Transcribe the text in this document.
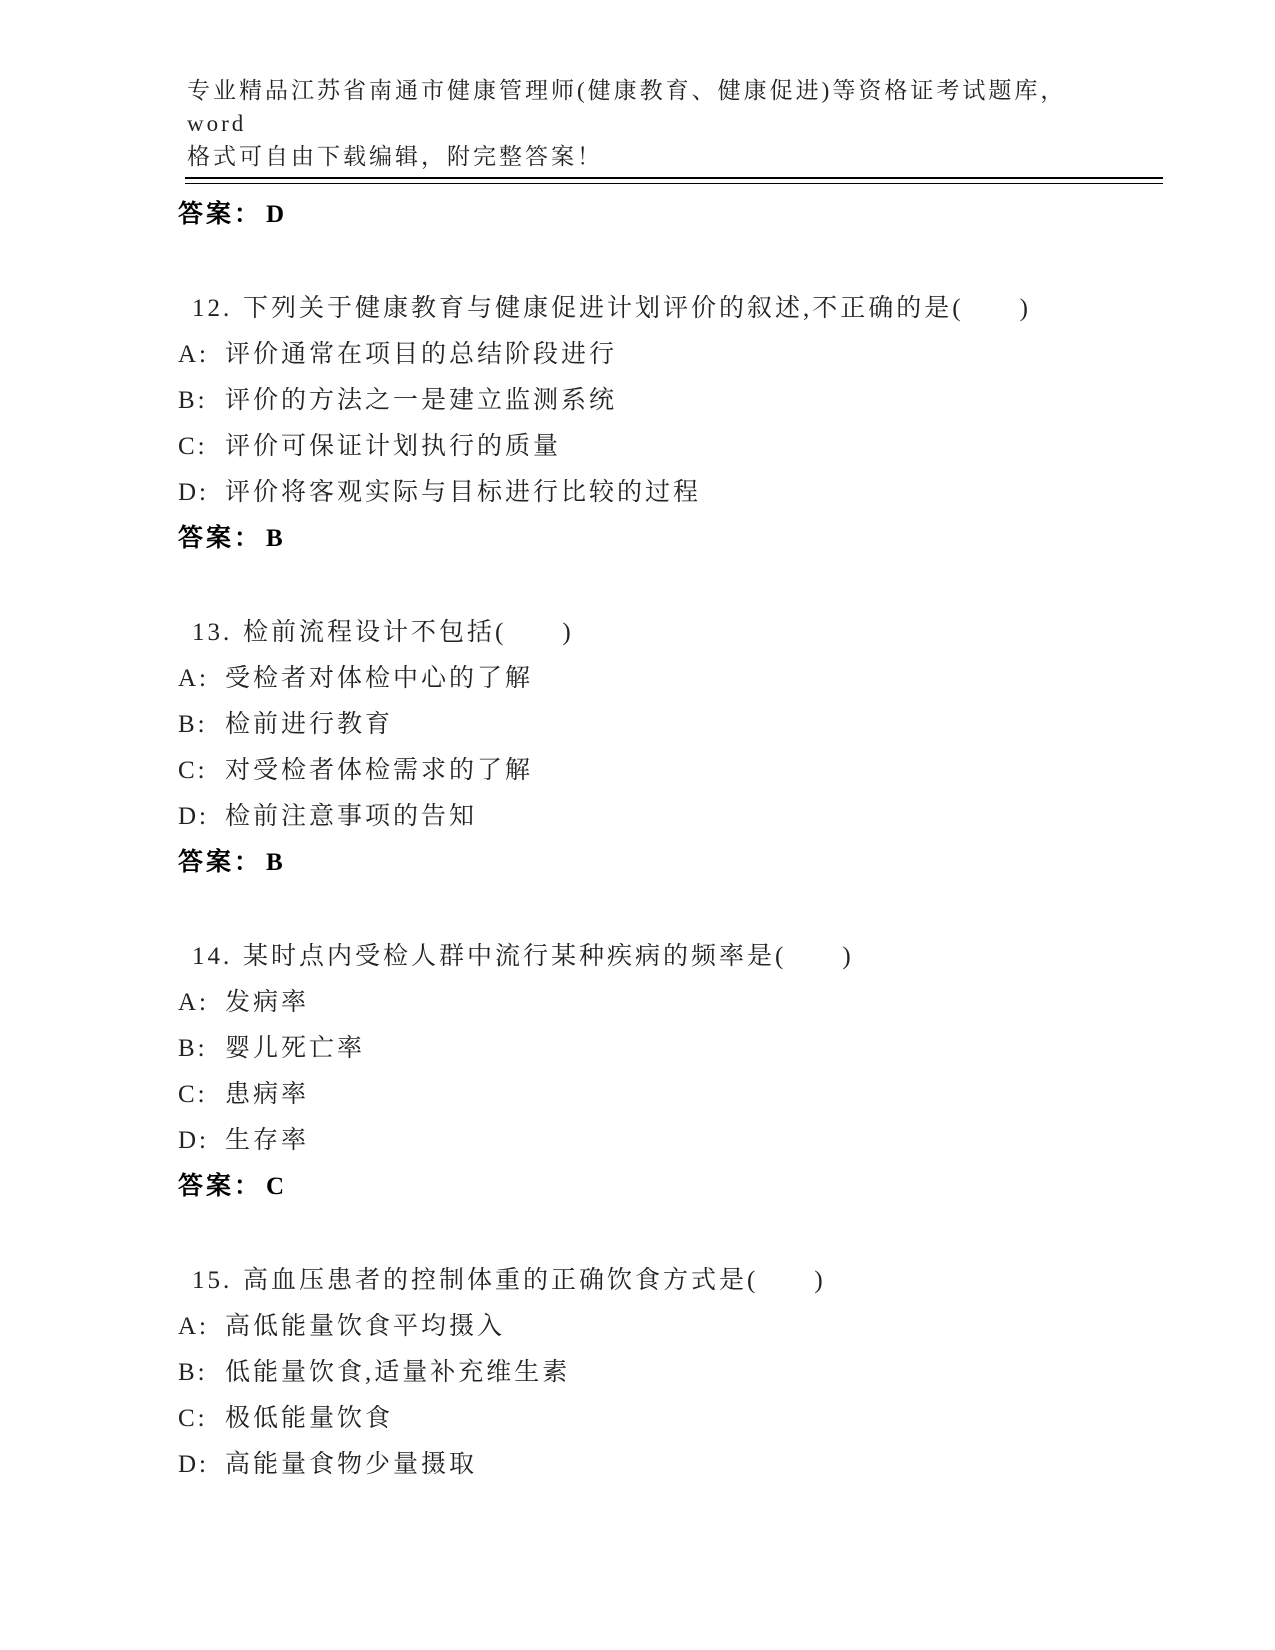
专业精品江苏省南通市健康管理师(健康教育、健康促进)等资格证考试题库，word
格式可自由下载编辑，附完整答案！
答案： D
12. 下列关于健康教育与健康促进计划评价的叙述,不正确的是(　　)
A: 评价通常在项目的总结阶段进行
B: 评价的方法之一是建立监测系统
C: 评价可保证计划执行的质量
D: 评价将客观实际与目标进行比较的过程
答案： B
13. 检前流程设计不包括(　　)
A: 受检者对体检中心的了解
B: 检前进行教育
C: 对受检者体检需求的了解
D: 检前注意事项的告知
答案： B
14. 某时点内受检人群中流行某种疾病的频率是(　　)
A: 发病率
B: 婴儿死亡率
C: 患病率
D: 生存率
答案： C
15. 高血压患者的控制体重的正确饮食方式是(　　)
A: 高低能量饮食平均摄入
B: 低能量饮食,适量补充维生素
C: 极低能量饮食
D: 高能量食物少量摄取
